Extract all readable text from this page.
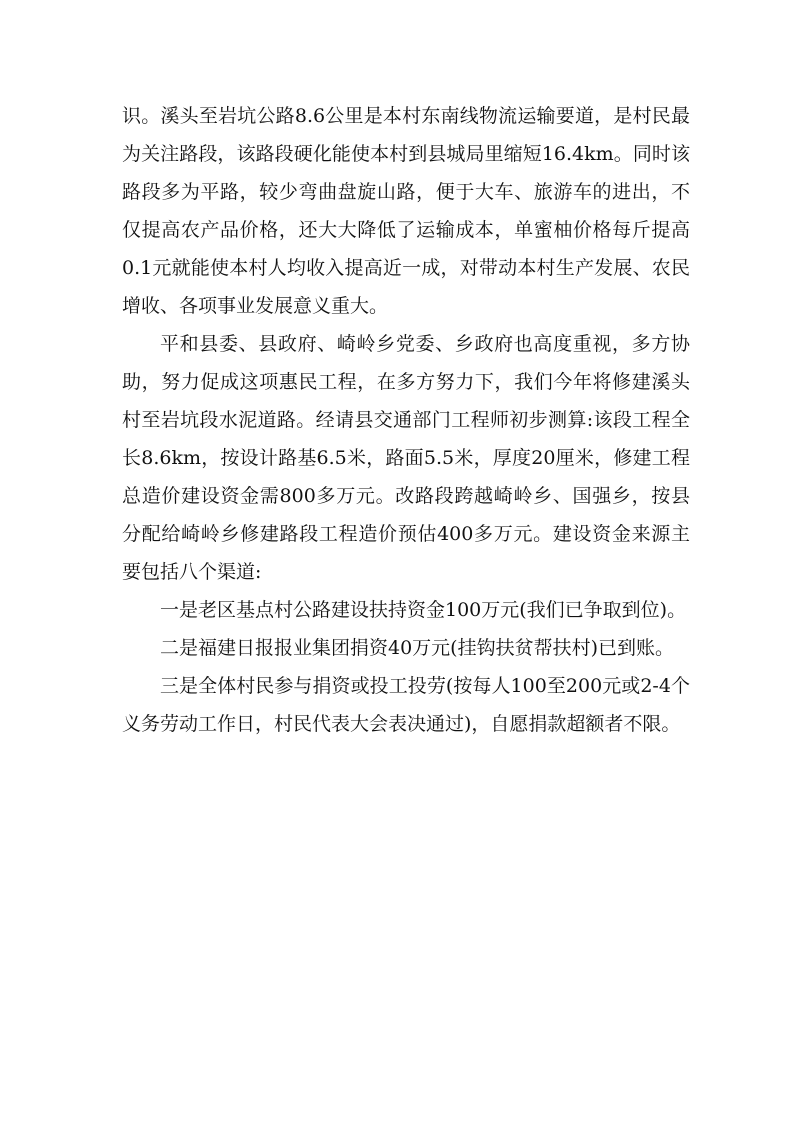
识。溪头至岩坑公路8.6公里是本村东南线物流运输要道，是村民最为关注路段，该路段硬化能使本村到县城局里缩短16.4km。同时该路段多为平路，较少弯曲盘旋山路，便于大车、旅游车的进出，不仅提高农产品价格，还大大降低了运输成本，单蜜柚价格每斤提高0.1元就能使本村人均收入提高近一成，对带动本村生产发展、农民增收、各项事业发展意义重大。

平和县委、县政府、崎岭乡党委、乡政府也高度重视，多方协助，努力促成这项惠民工程，在多方努力下，我们今年将修建溪头村至岩坑段水泥道路。经请县交通部门工程师初步测算:该段工程全长8.6km，按设计路基6.5米，路面5.5米，厚度20厘米，修建工程总造价建设资金需800多万元。改路段跨越崎岭乡、国强乡，按县分配给崎岭乡修建路段工程造价预估400多万元。建设资金来源主要包括八个渠道:

一是老区基点村公路建设扶持资金100万元(我们已争取到位)。

二是福建日报报业集团捐资40万元(挂钩扶贫帮扶村)已到账。

三是全体村民参与捐资或投工投劳(按每人100至200元或2-4个义务劳动工作日，村民代表大会表决通过)，自愿捐款超额者不限。
